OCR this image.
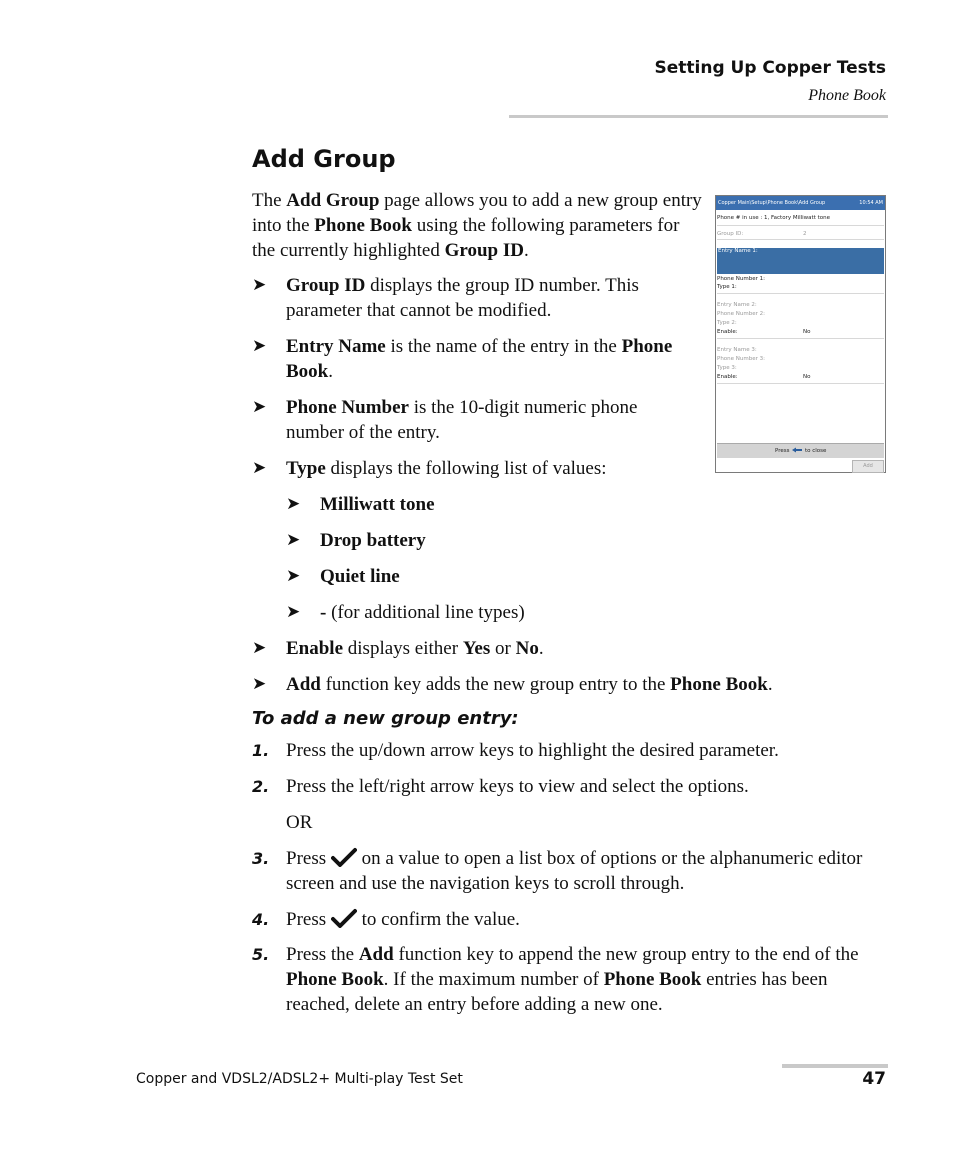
Setting Up Copper Tests
Phone Book
Add Group
The Add Group page allows you to add a new group entry into the Phone Book using the following parameters for the currently highlighted Group ID.
➤ Group ID displays the group ID number. This parameter that cannot be modified.
➤ Entry Name is the name of the entry in the Phone Book.
➤ Phone Number is the 10-digit numeric phone number of the entry.
➤ Type displays the following list of values:
➤ Milliwatt tone
➤ Drop battery
➤ Quiet line
➤ - (for additional line types)
➤ Enable displays either Yes or No.
➤ Add function key adds the new group entry to the Phone Book.
To add a new group entry:
1. Press the up/down arrow keys to highlight the desired parameter.
2. Press the left/right arrow keys to view and select the options.
OR
3. Press  on a value to open a list box of options or the alphanumeric editor screen and use the navigation keys to scroll through.
4. Press  to confirm the value.
5. Press the Add function key to append the new group entry to the end of the Phone Book. If the maximum number of Phone Book entries has been reached, delete an entry before adding a new one.
Copper Main\Setup\Phone Book\Add Group	10:54 AM
Phone # in use : 1, Factory Milliwatt tone
Group ID:	2
Entry Name 1:
Phone Number 1:
Type 1:
Entry Name 2:
Phone Number 2:
Type 2:
Enable:	No
Entry Name 3:
Phone Number 3:
Type 3:
Enable:	No
Press	to close
Add
Copper and VDSL2/ADSL2+ Multi-play Test Set	47
